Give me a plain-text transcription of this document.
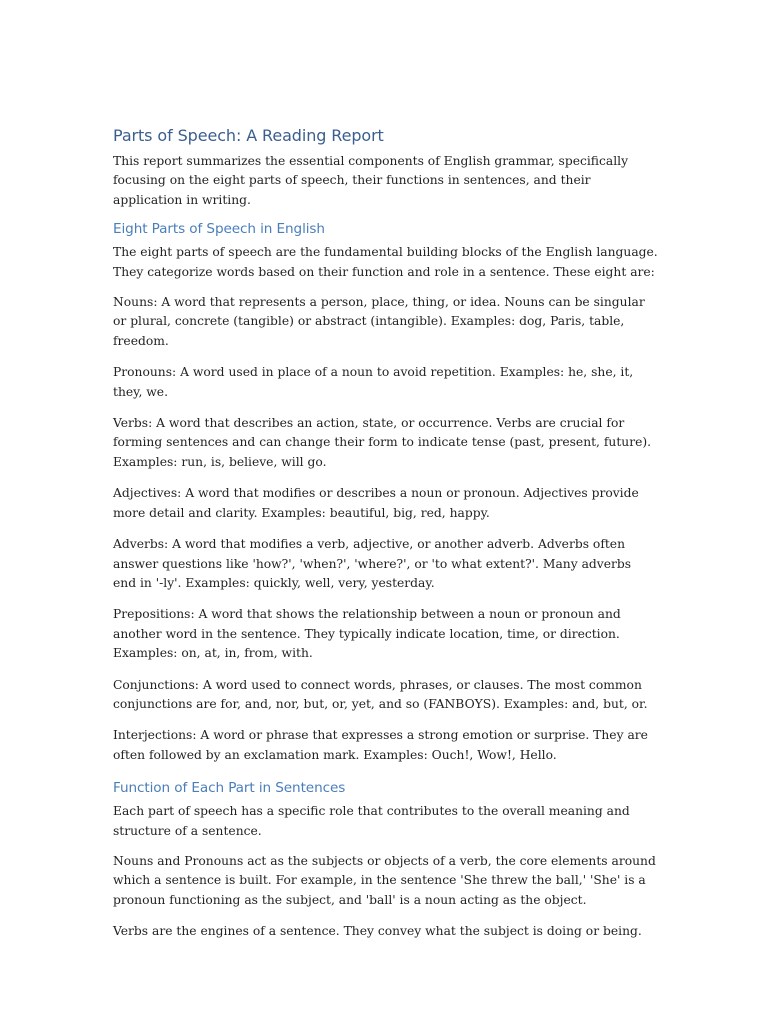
Parts of Speech: A Reading Report

This report summarizes the essential components of English grammar, specifically focusing on the eight parts of speech, their functions in sentences, and their application in writing.

Eight Parts of Speech in English

The eight parts of speech are the fundamental building blocks of the English language. They categorize words based on their function and role in a sentence. These eight are:

Nouns: A word that represents a person, place, thing, or idea. Nouns can be singular or plural, concrete (tangible) or abstract (intangible). Examples: dog, Paris, table, freedom.

Pronouns: A word used in place of a noun to avoid repetition. Examples: he, she, it, they, we.

Verbs: A word that describes an action, state, or occurrence. Verbs are crucial for forming sentences and can change their form to indicate tense (past, present, future). Examples: run, is, believe, will go.

Adjectives: A word that modifies or describes a noun or pronoun. Adjectives provide more detail and clarity. Examples: beautiful, big, red, happy.

Adverbs: A word that modifies a verb, adjective, or another adverb. Adverbs often answer questions like 'how?', 'when?', 'where?', or 'to what extent?'. Many adverbs end in '-ly'. Examples: quickly, well, very, yesterday.

Prepositions: A word that shows the relationship between a noun or pronoun and another word in the sentence. They typically indicate location, time, or direction. Examples: on, at, in, from, with.

Conjunctions: A word used to connect words, phrases, or clauses. The most common conjunctions are for, and, nor, but, or, yet, and so (FANBOYS). Examples: and, but, or.

Interjections: A word or phrase that expresses a strong emotion or surprise. They are often followed by an exclamation mark. Examples: Ouch!, Wow!, Hello.

Function of Each Part in Sentences

Each part of speech has a specific role that contributes to the overall meaning and structure of a sentence.

Nouns and Pronouns act as the subjects or objects of a verb, the core elements around which a sentence is built. For example, in the sentence 'She threw the ball,' 'She' is a pronoun functioning as the subject, and 'ball' is a noun acting as the object.

Verbs are the engines of a sentence. They convey what the subject is doing or being.
